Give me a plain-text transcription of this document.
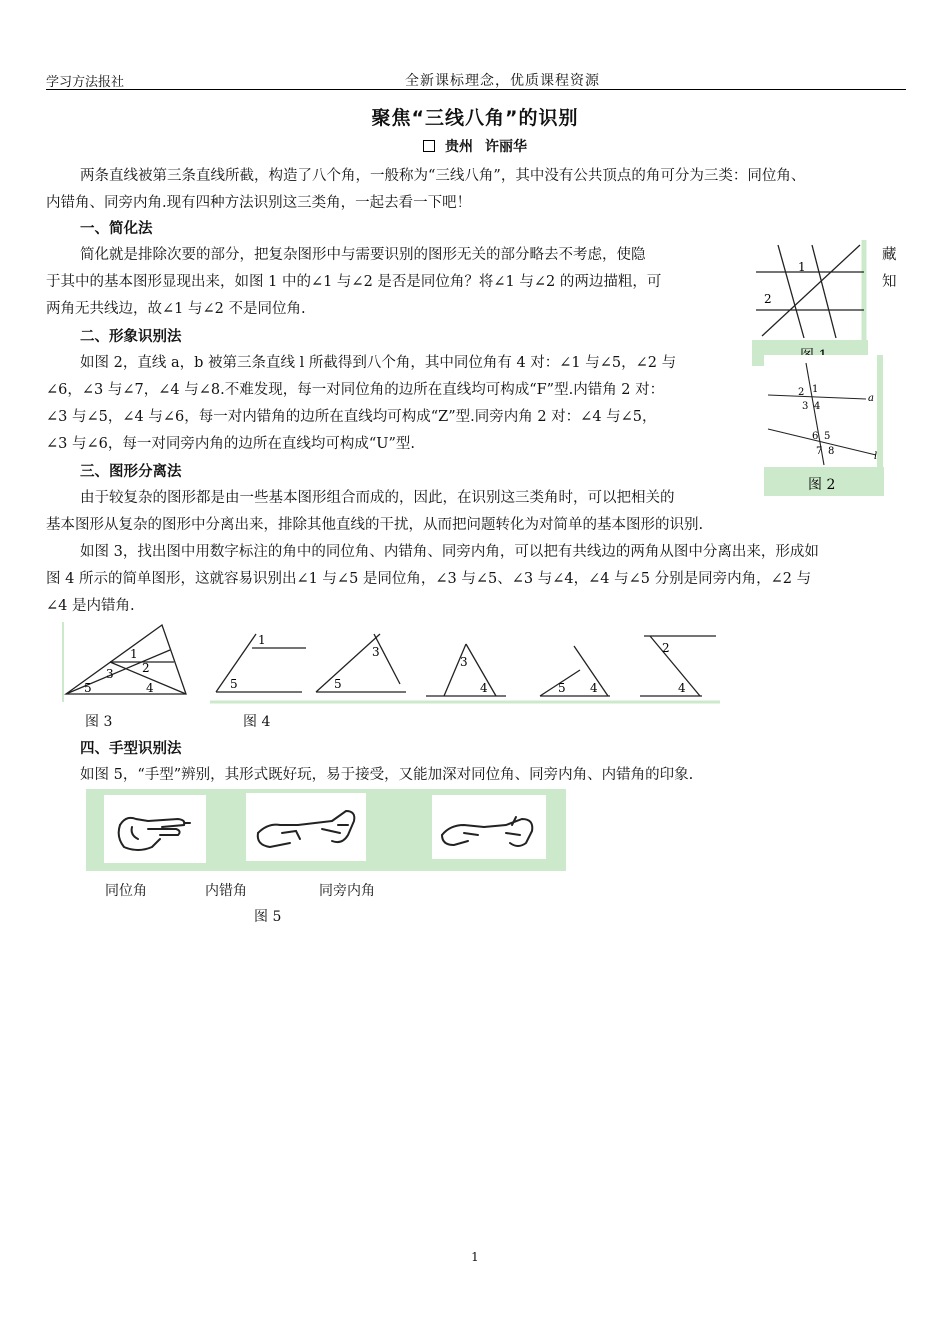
学习方法报社	全新课标理念，优质课程资源
聚焦“三线八角”的识别
贵州 许丽华
两条直线被第三条直线所截，构造了八个角，一般称为“三线八角”，其中没有公共顶点的角可分为三类：同位角、
内错角、同旁内角.现有四种方法识别这三类角，一起去看一下吧！
一、简化法
简化就是排除次要的部分，把复杂图形中与需要识别的图形无关的部分略去不考虑，使隐
于其中的基本图形显现出来，如图 1 中的∠1 与∠2 是否是同位角？将∠1 与∠2 的两边描粗，可
两角无共线边，故∠1 与∠2 不是同位角.
藏
知
1
2
二、形象识别法
如图 2，直线 a，b 被第三条直线 l 所截得到八个角，其中同位角有 4 对：∠1 与∠5，∠2 与
∠6，∠3 与∠7，∠4 与∠8.不难发现，每一对同位角的边所在直线均可构成“F”型.内错角 2 对：
∠3 与∠5，∠4 与∠6，每一对内错角的边所在直线均可构成“Z”型.同旁内角 2 对：∠4 与∠5，
∠3 与∠6，每一对同旁内角的边所在直线均可构成“U”型.
2 1
3 4
a
6 5
7 8	l
图 2
三、图形分离法
由于较复杂的图形都是由一些基本图形组合而成的，因此，在识别这三类角时，可以把相关的
基本图形从复杂的图形中分离出来，排除其他直线的干扰，从而把问题转化为对简单的基本图形的识别.
如图 3，找出图中用数字标注的角中的同位角、内错角、同旁内角，可以把有共线边的两角从图中分离出来，形成如
图 4 所示的简单图形，这就容易识别出∠1 与∠5 是同位角，∠3 与∠5、∠3 与∠4，∠4 与∠5 分别是同旁内角，∠2 与
∠4 是内错角.
1
2
3
5	4
1
5
3
5
3
4	5 4
2
4
图 3	图 4
四、手型识别法
如图 5，“手型”辨别，其形式既好玩，易于接受，又能加深对同位角、同旁内角、内错角的印象.
同位角	内错角	同旁内角
图 5
1
